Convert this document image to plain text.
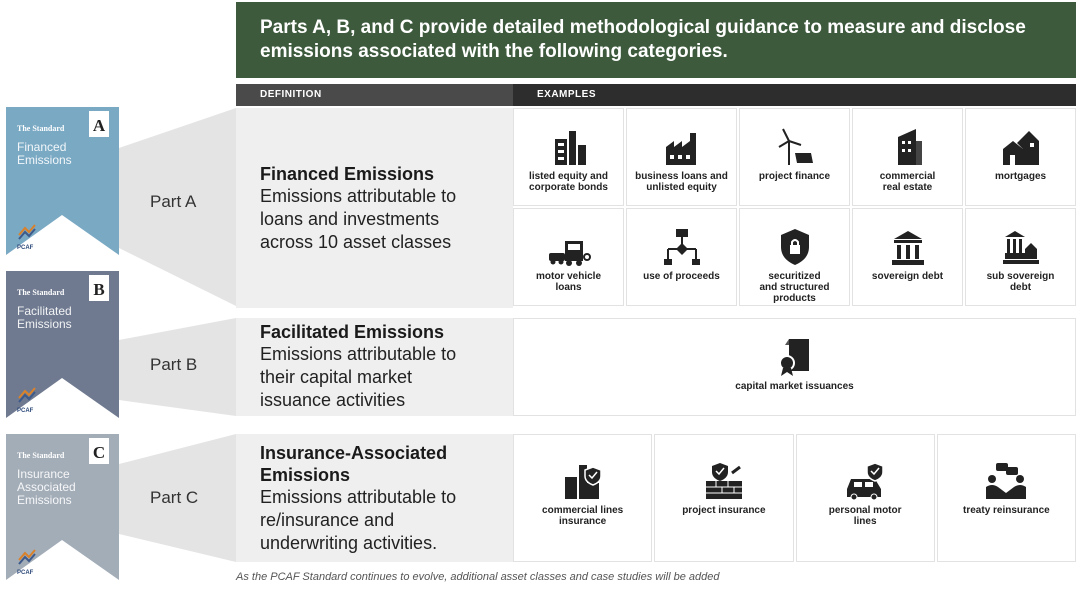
Parts A, B, and C provide detailed methodological guidance to measure and disclose
emissions associated with the following categories.
DEFINITION	EXAMPLES
The Standard A
Financed
Emissions
PCAF
The Standard B
Facilitated
Emissions
PCAF
The Standard C
Insurance
Associated
Emissions
PCAF
Part A
Part B
Part C
Financed Emissions
Emissions attributable to
loans and investments
across 10 asset classes
Facilitated Emissions
Emissions attributable to
their capital market
issuance activities
Insurance-Associated
Emissions
Emissions attributable to
re/insurance and
underwriting activities.
listed equity and
corporate bonds
business loans and
unlisted equity
project finance	commercial
real estate
mortgages
motor vehicle
loans
use of proceeds	securitized
and structured
products
sovereign debt	sub sovereign
debt
capital market issuances
commercial lines
insurance
project insurance	personal motor
lines
treaty reinsurance
As the PCAF Standard continues to evolve, additional asset classes and case studies will be added
